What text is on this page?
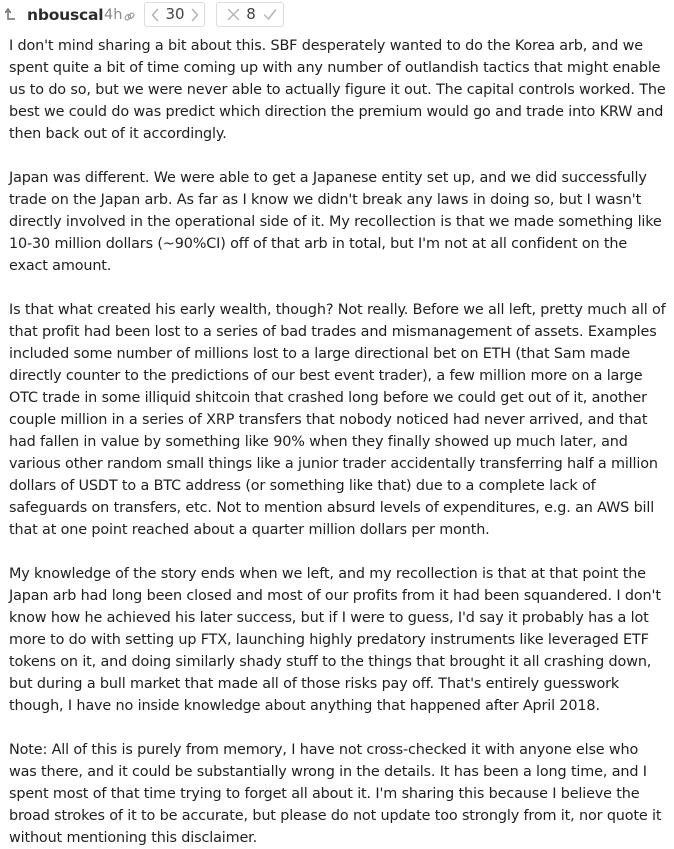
nbouscal 4h	30	8

I don't mind sharing a bit about this. SBF desperately wanted to do the Korea arb, and we spent quite a bit of time coming up with any number of outlandish tactics that might enable us to do so, but we were never able to actually figure it out. The capital controls worked. The best we could do was predict which direction the premium would go and trade into KRW and then back out of it accordingly.

Japan was different. We were able to get a Japanese entity set up, and we did successfully trade on the Japan arb. As far as I know we didn't break any laws in doing so, but I wasn't directly involved in the operational side of it. My recollection is that we made something like 10-30 million dollars (~90%CI) off of that arb in total, but I'm not at all confident on the exact amount.

Is that what created his early wealth, though? Not really. Before we all left, pretty much all of that profit had been lost to a series of bad trades and mismanagement of assets. Examples included some number of millions lost to a large directional bet on ETH (that Sam made directly counter to the predictions of our best event trader), a few million more on a large OTC trade in some illiquid shitcoin that crashed long before we could get out of it, another couple million in a series of XRP transfers that nobody noticed had never arrived, and that had fallen in value by something like 90% when they finally showed up much later, and various other random small things like a junior trader accidentally transferring half a million dollars of USDT to a BTC address (or something like that) due to a complete lack of safeguards on transfers, etc. Not to mention absurd levels of expenditures, e.g. an AWS bill that at one point reached about a quarter million dollars per month.

My knowledge of the story ends when we left, and my recollection is that at that point the Japan arb had long been closed and most of our profits from it had been squandered. I don't know how he achieved his later success, but if I were to guess, I'd say it probably has a lot more to do with setting up FTX, launching highly predatory instruments like leveraged ETF tokens on it, and doing similarly shady stuff to the things that brought it all crashing down, but during a bull market that made all of those risks pay off. That's entirely guesswork though, I have no inside knowledge about anything that happened after April 2018.

Note: All of this is purely from memory, I have not cross-checked it with anyone else who was there, and it could be substantially wrong in the details. It has been a long time, and I spent most of that time trying to forget all about it. I'm sharing this because I believe the broad strokes of it to be accurate, but please do not update too strongly from it, nor quote it without mentioning this disclaimer.
